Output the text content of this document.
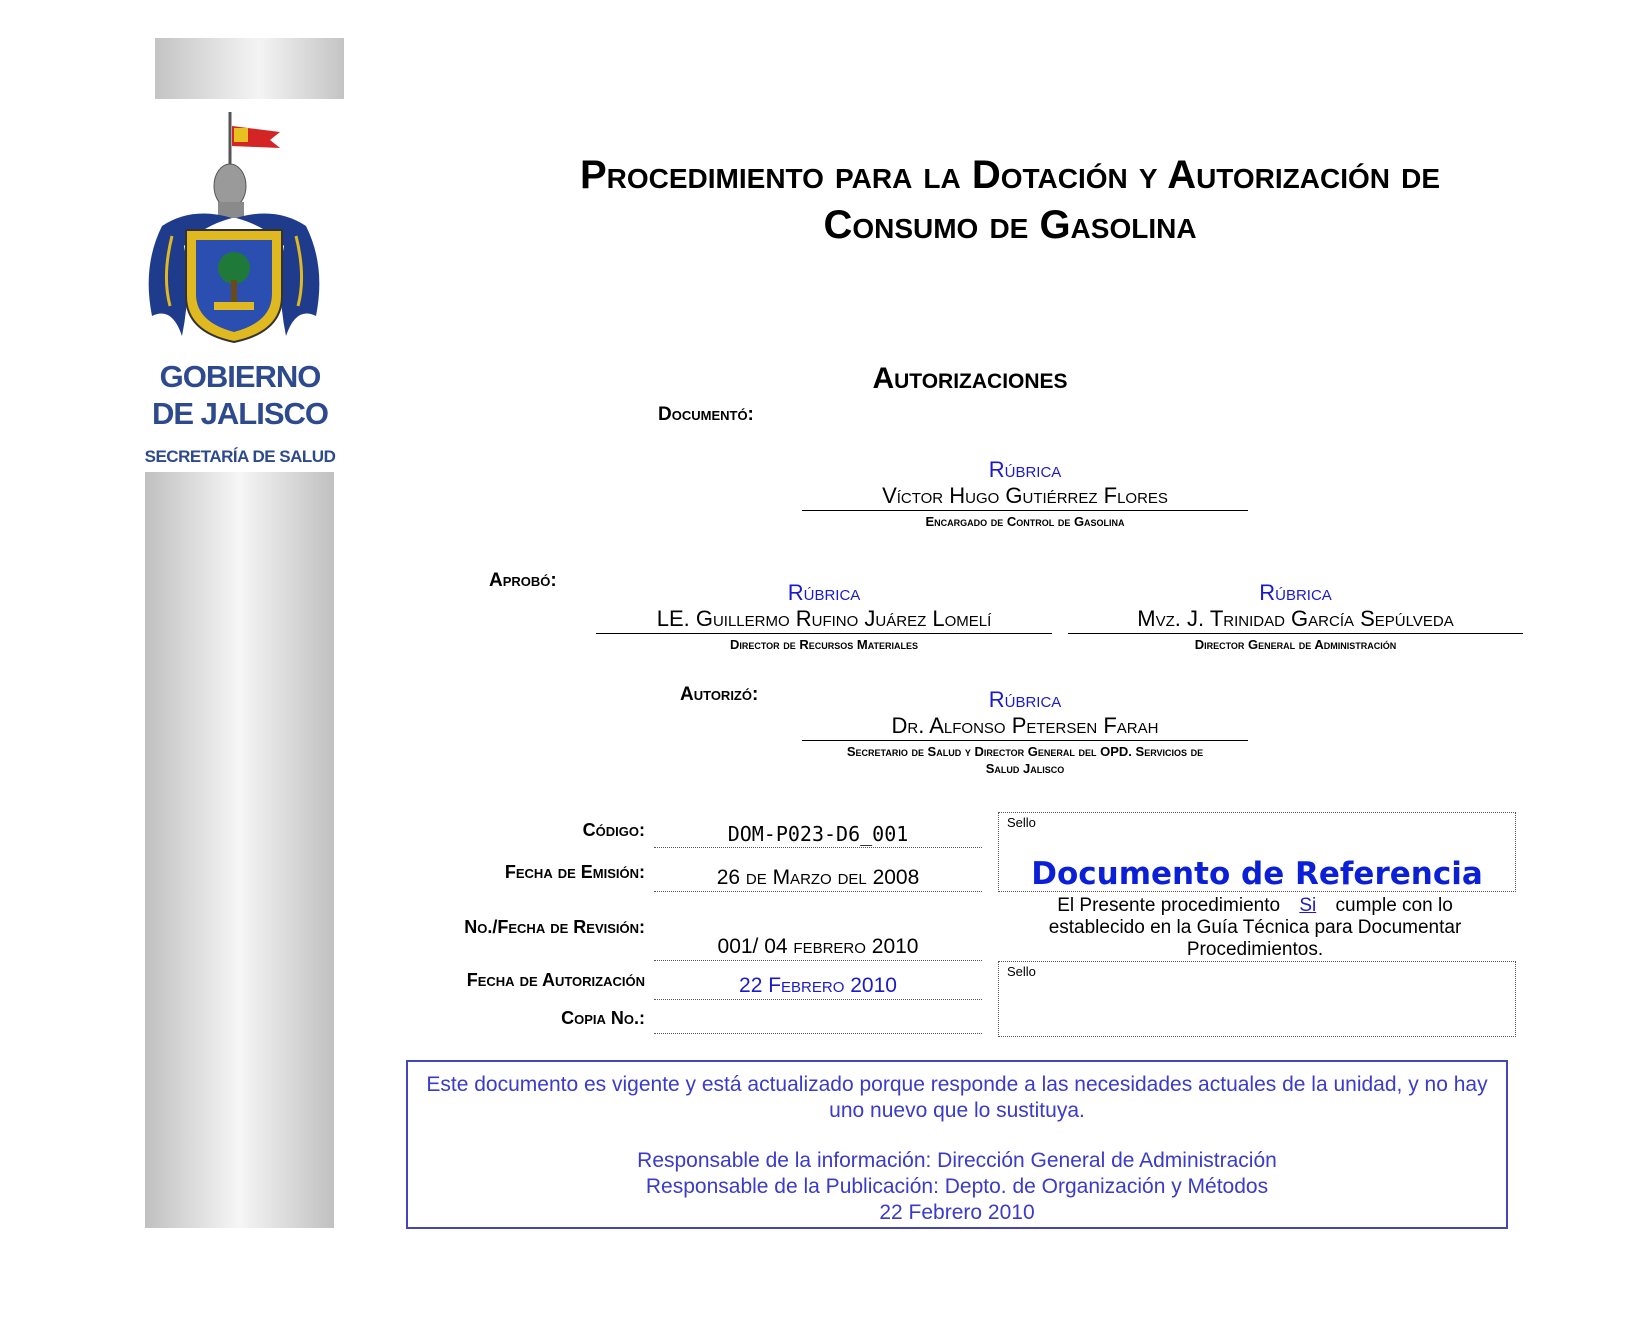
GOBIERNO
DE JALISCO
SECRETARÍA DE SALUD
Procedimiento para la Dotación y Autorización de
Consumo de Gasolina
Autorizaciones
Documentó:
Rúbrica
Víctor Hugo Gutiérrez Flores
Encargado de Control de Gasolina
Aprobó:	Rúbrica
LE. Guillermo Rufino Juárez Lomelí
Director de Recursos Materiales
Rúbrica
Mvz. J. Trinidad García Sepúlveda
Director General de Administración
Autorizó:	Rúbrica
Dr. Alfonso Petersen Farah
Secretario de Salud y Director General del OPD. Servicios de
Salud Jalisco
Código:	DOM-P023-D6_001
Fecha de Emisión:	26 de Marzo del 2008
No./Fecha de Revisión:
001/ 04 febrero 2010
Fecha de Autorización	22 Febrero 2010
Copia No.:
Sello
Documento de Referencia
El Presente procedimiento Si cumple con lo establecido en la Guía Técnica para Documentar Procedimientos.
Sello
Este documento es vigente y está actualizado porque responde a las necesidades actuales de la unidad, y no hay uno nuevo que lo sustituya.
Responsable de la información: Dirección General de Administración
Responsable de la Publicación: Depto. de Organización y Métodos
22 Febrero 2010
